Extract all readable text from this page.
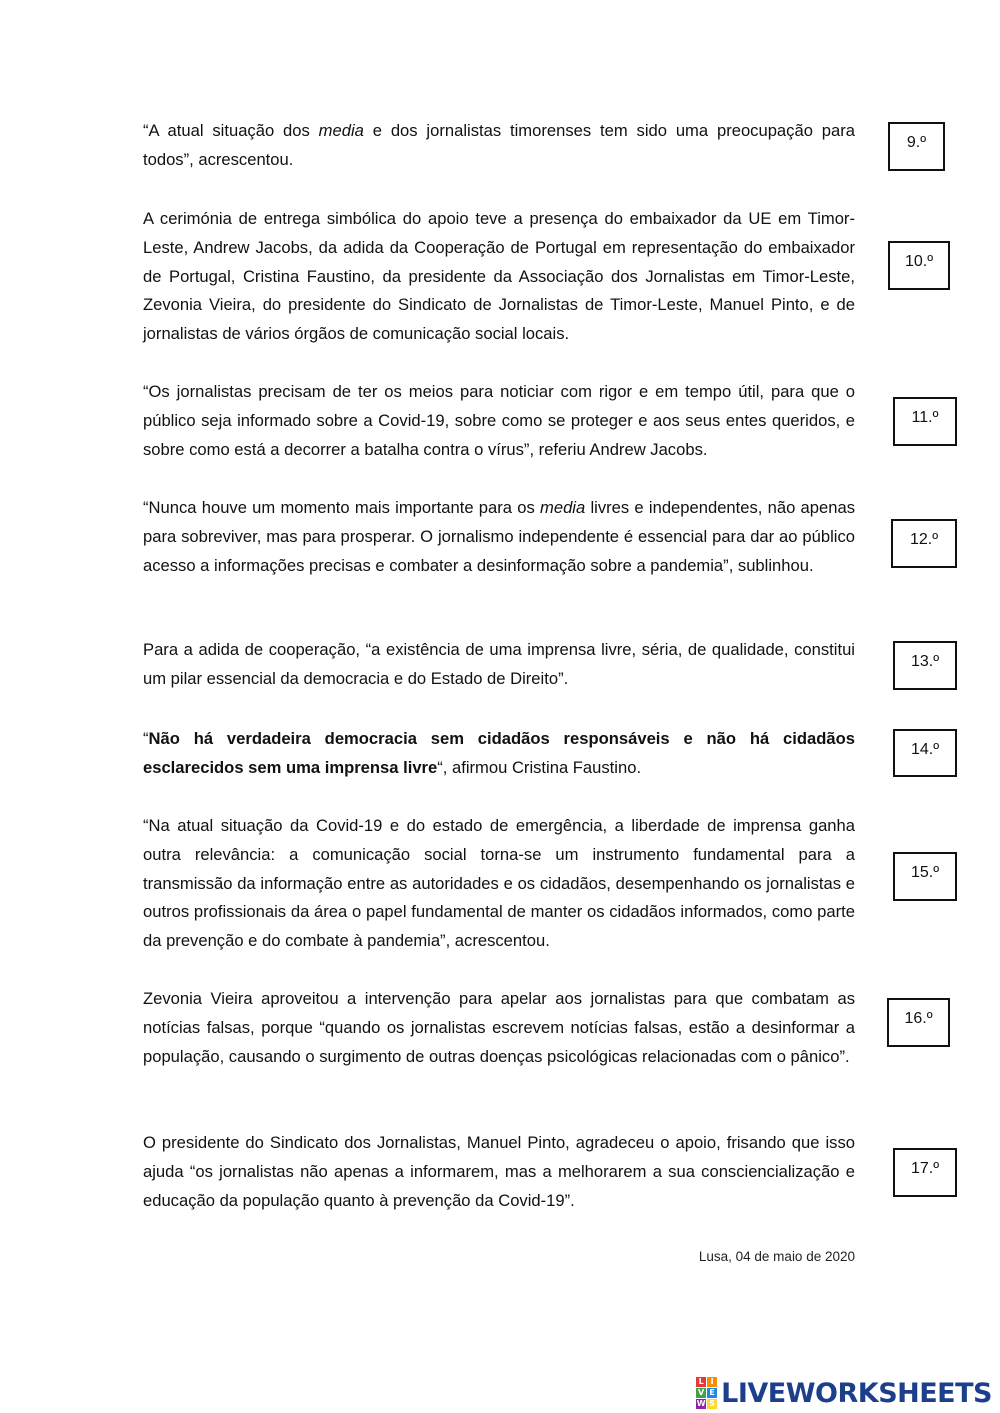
“A atual situação dos media e dos jornalistas timorenses tem sido uma preocupação para todos”, acrescentou.
A cerimónia de entrega simbólica do apoio teve a presença do embaixador da UE em Timor-Leste, Andrew Jacobs, da adida da Cooperação de Portugal em representação do embaixador de Portugal, Cristina Faustino, da presidente da Associação dos Jornalistas em Timor-Leste, Zevonia Vieira, do presidente do Sindicato de Jornalistas de Timor-Leste, Manuel Pinto, e de jornalistas de vários órgãos de comunicação social locais.
“Os jornalistas precisam de ter os meios para noticiar com rigor e em tempo útil, para que o público seja informado sobre a Covid-19, sobre como se proteger e aos seus entes queridos, e sobre como está a decorrer a batalha contra o vírus”, referiu Andrew Jacobs.
“Nunca houve um momento mais importante para os media livres e independentes, não apenas para sobreviver, mas para prosperar. O jornalismo independente é essencial para dar ao público acesso a informações precisas e combater a desinformação sobre a pandemia”, sublinhou.
Para a adida de cooperação, “a existência de uma imprensa livre, séria, de qualidade, constitui um pilar essencial da democracia e do Estado de Direito”.
“Não há verdadeira democracia sem cidadãos responsáveis e não há cidadãos esclarecidos sem uma imprensa livre“, afirmou Cristina Faustino.
“Na atual situação da Covid-19 e do estado de emergência, a liberdade de imprensa ganha outra relevância: a comunicação social torna-se um instrumento fundamental para a transmissão da informação entre as autoridades e os cidadãos, desempenhando os jornalistas e outros profissionais da área o papel fundamental de manter os cidadãos informados, como parte da prevenção e do combate à pandemia”, acrescentou.
Zevonia Vieira aproveitou a intervenção para apelar aos jornalistas para que combatam as notícias falsas, porque “quando os jornalistas escrevem notícias falsas, estão a desinformar a população, causando o surgimento de outras doenças psicológicas relacionadas com o pânico”.
O presidente do Sindicato dos Jornalistas, Manuel Pinto, agradeceu o apoio, frisando que isso ajuda “os jornalistas não apenas a informarem, mas a melhorarem a sua consciencialização e educação da população quanto à prevenção da Covid-19”.
9.º
10.º
11.º
12.º
13.º
14.º
15.º
16.º
17.º
Lusa, 04 de maio de 2020
L I
V E
W S LIVEWORKSHEETS
